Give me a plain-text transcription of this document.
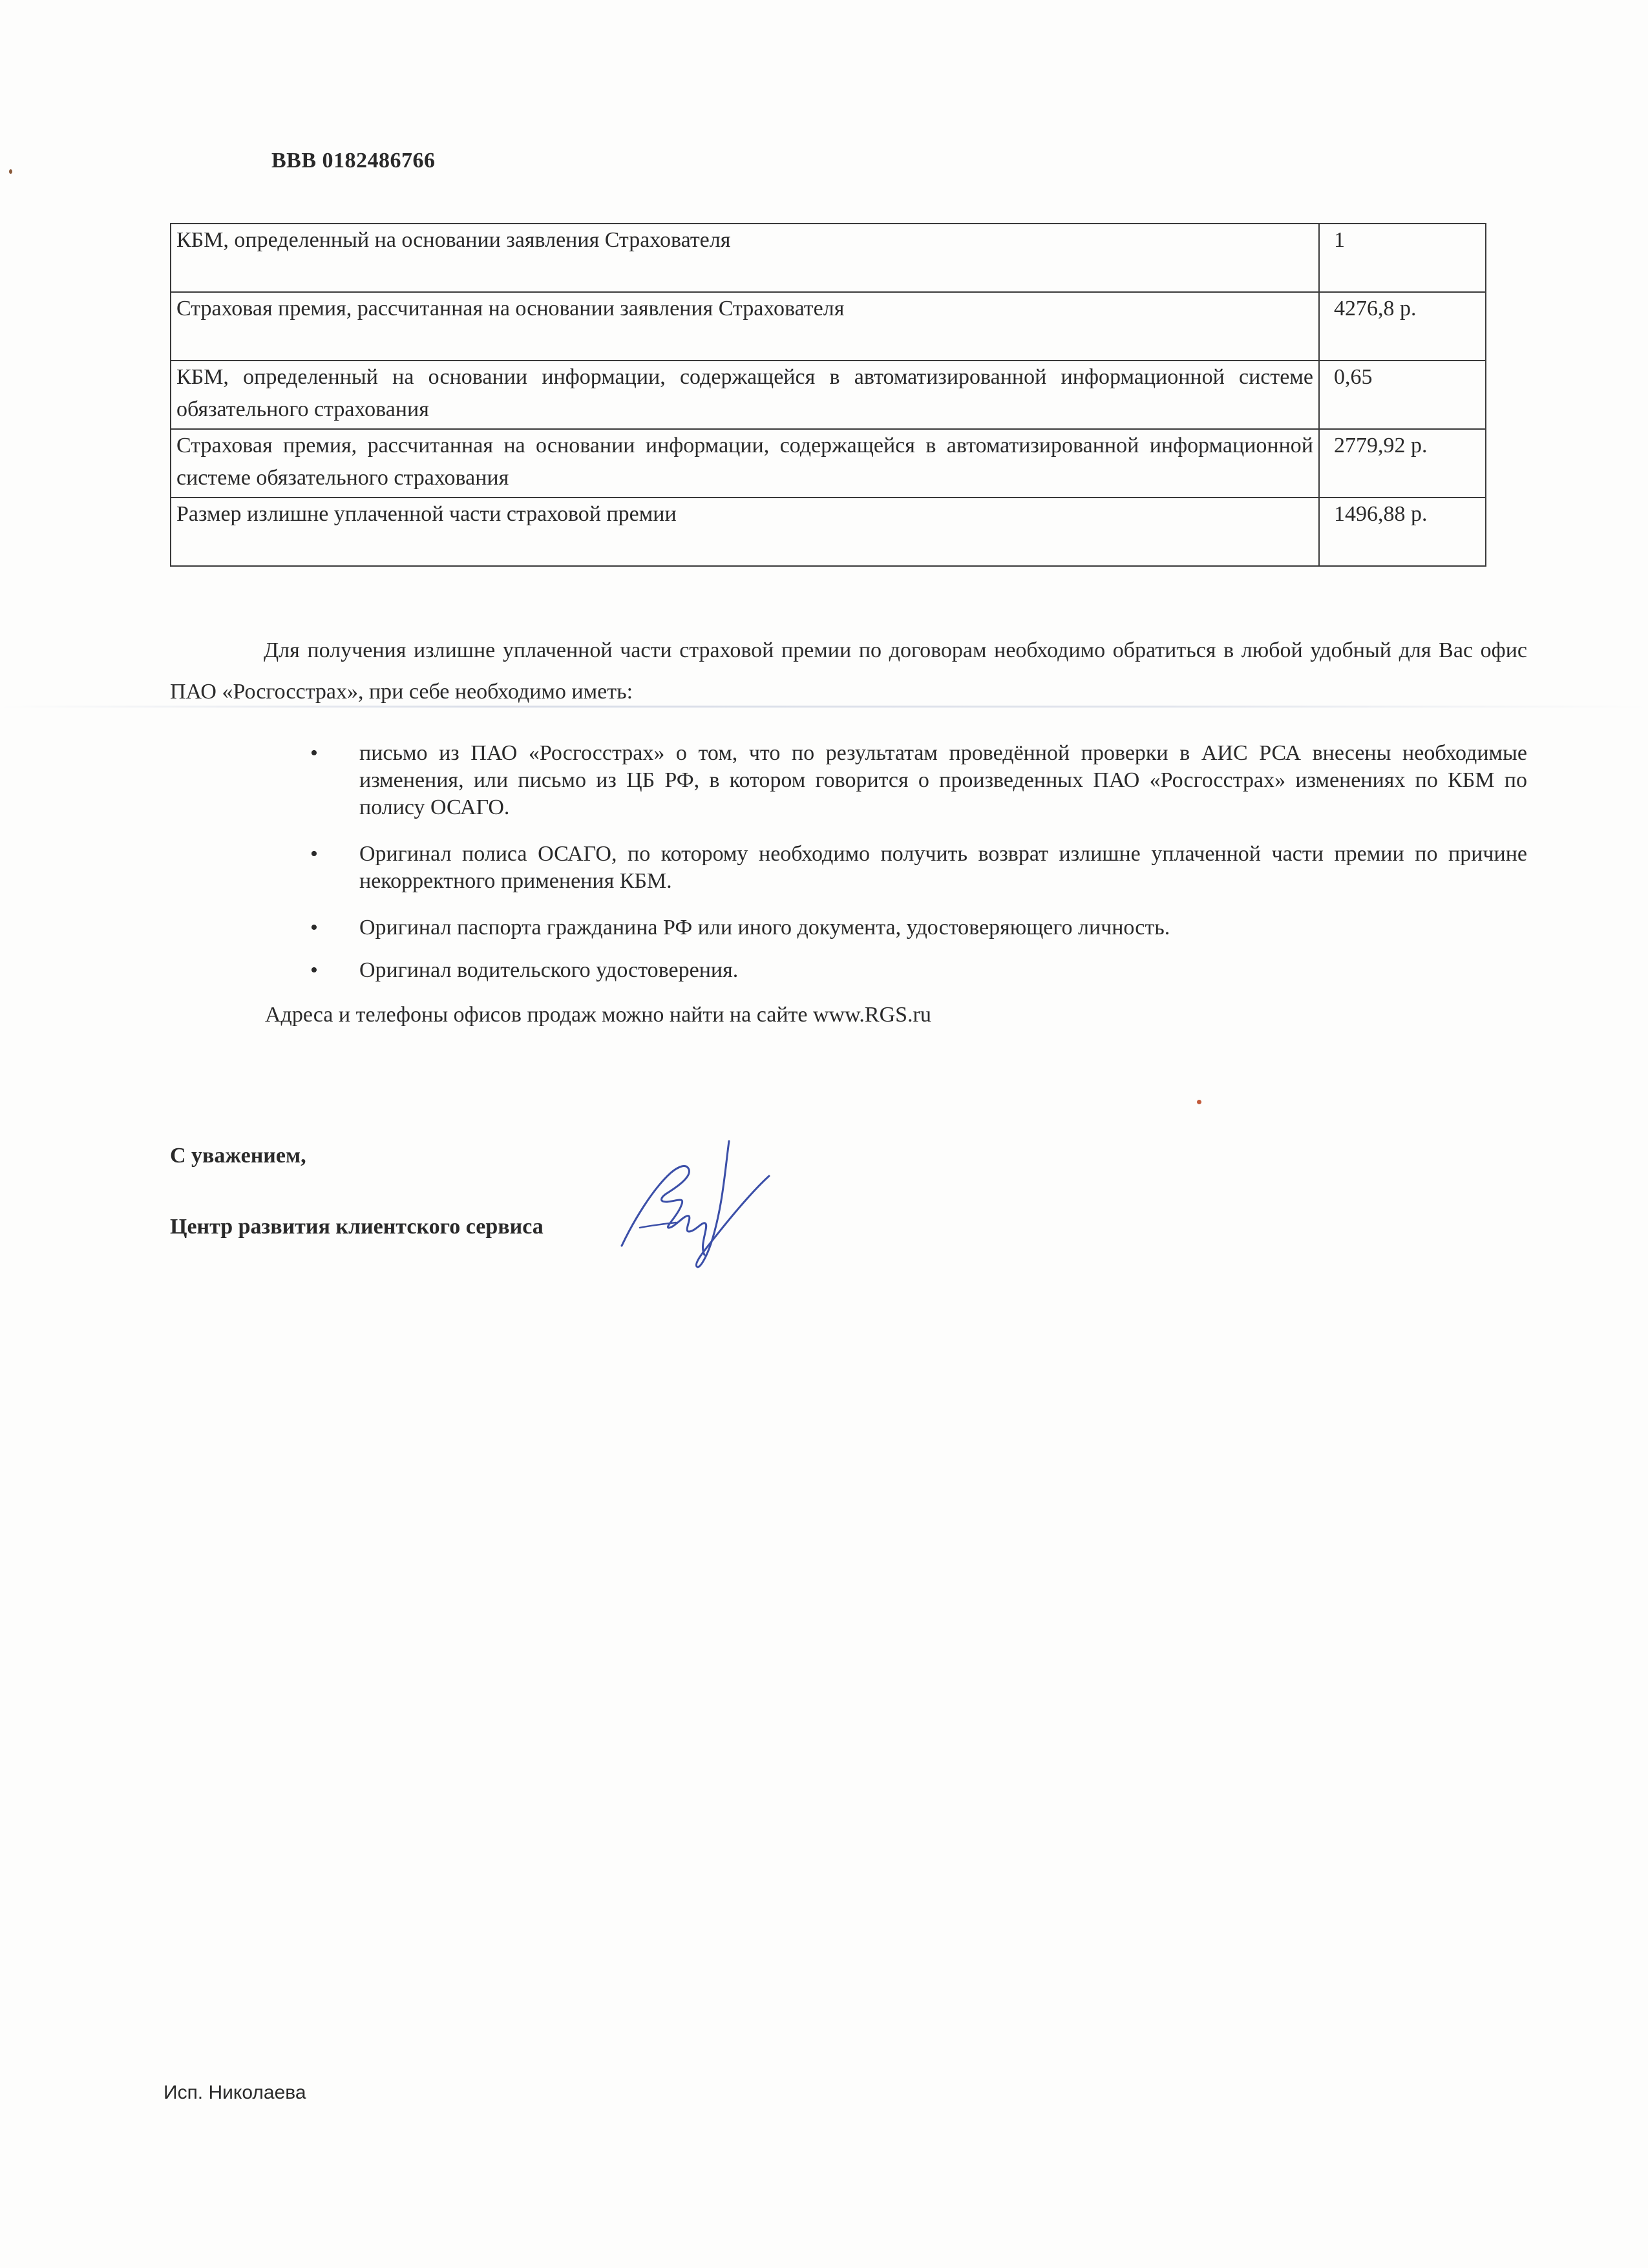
ВВВ 0182486766
КБМ, определенный на основании заявления Страхователя	1
Страховая премия, рассчитанная на основании заявления Страхователя	4276,8 р.
КБМ, определенный на основании информации, содержащейся в автоматизированной информационной системе обязательного страхования	0,65
Страховая премия, рассчитанная на основании информации, содержащейся в автоматизированной информационной системе обязательного страхования	2779,92 р.
Размер излишне уплаченной части страховой премии	1496,88 р.
Для получения излишне уплаченной части страховой премии по договорам необходимо обратиться в любой удобный для Вас офис ПАО «Росгосстрах», при себе необходимо иметь:
• письмо из ПАО «Росгосстрах» о том, что по результатам проведённой проверки в АИС РСА внесены необходимые изменения, или письмо из ЦБ РФ, в котором говорится о произведенных ПАО «Росгосстрах» изменениях по КБМ по полису ОСАГО.
• Оригинал полиса ОСАГО, по которому необходимо получить возврат излишне уплаченной части премии по причине некорректного применения КБМ.
• Оригинал паспорта гражданина РФ или иного документа, удостоверяющего личность.
• Оригинал водительского удостоверения.
Адреса и телефоны офисов продаж можно найти на сайте www.RGS.ru
С уважением,
Центр развития клиентского сервиса
Исп. Николаева
